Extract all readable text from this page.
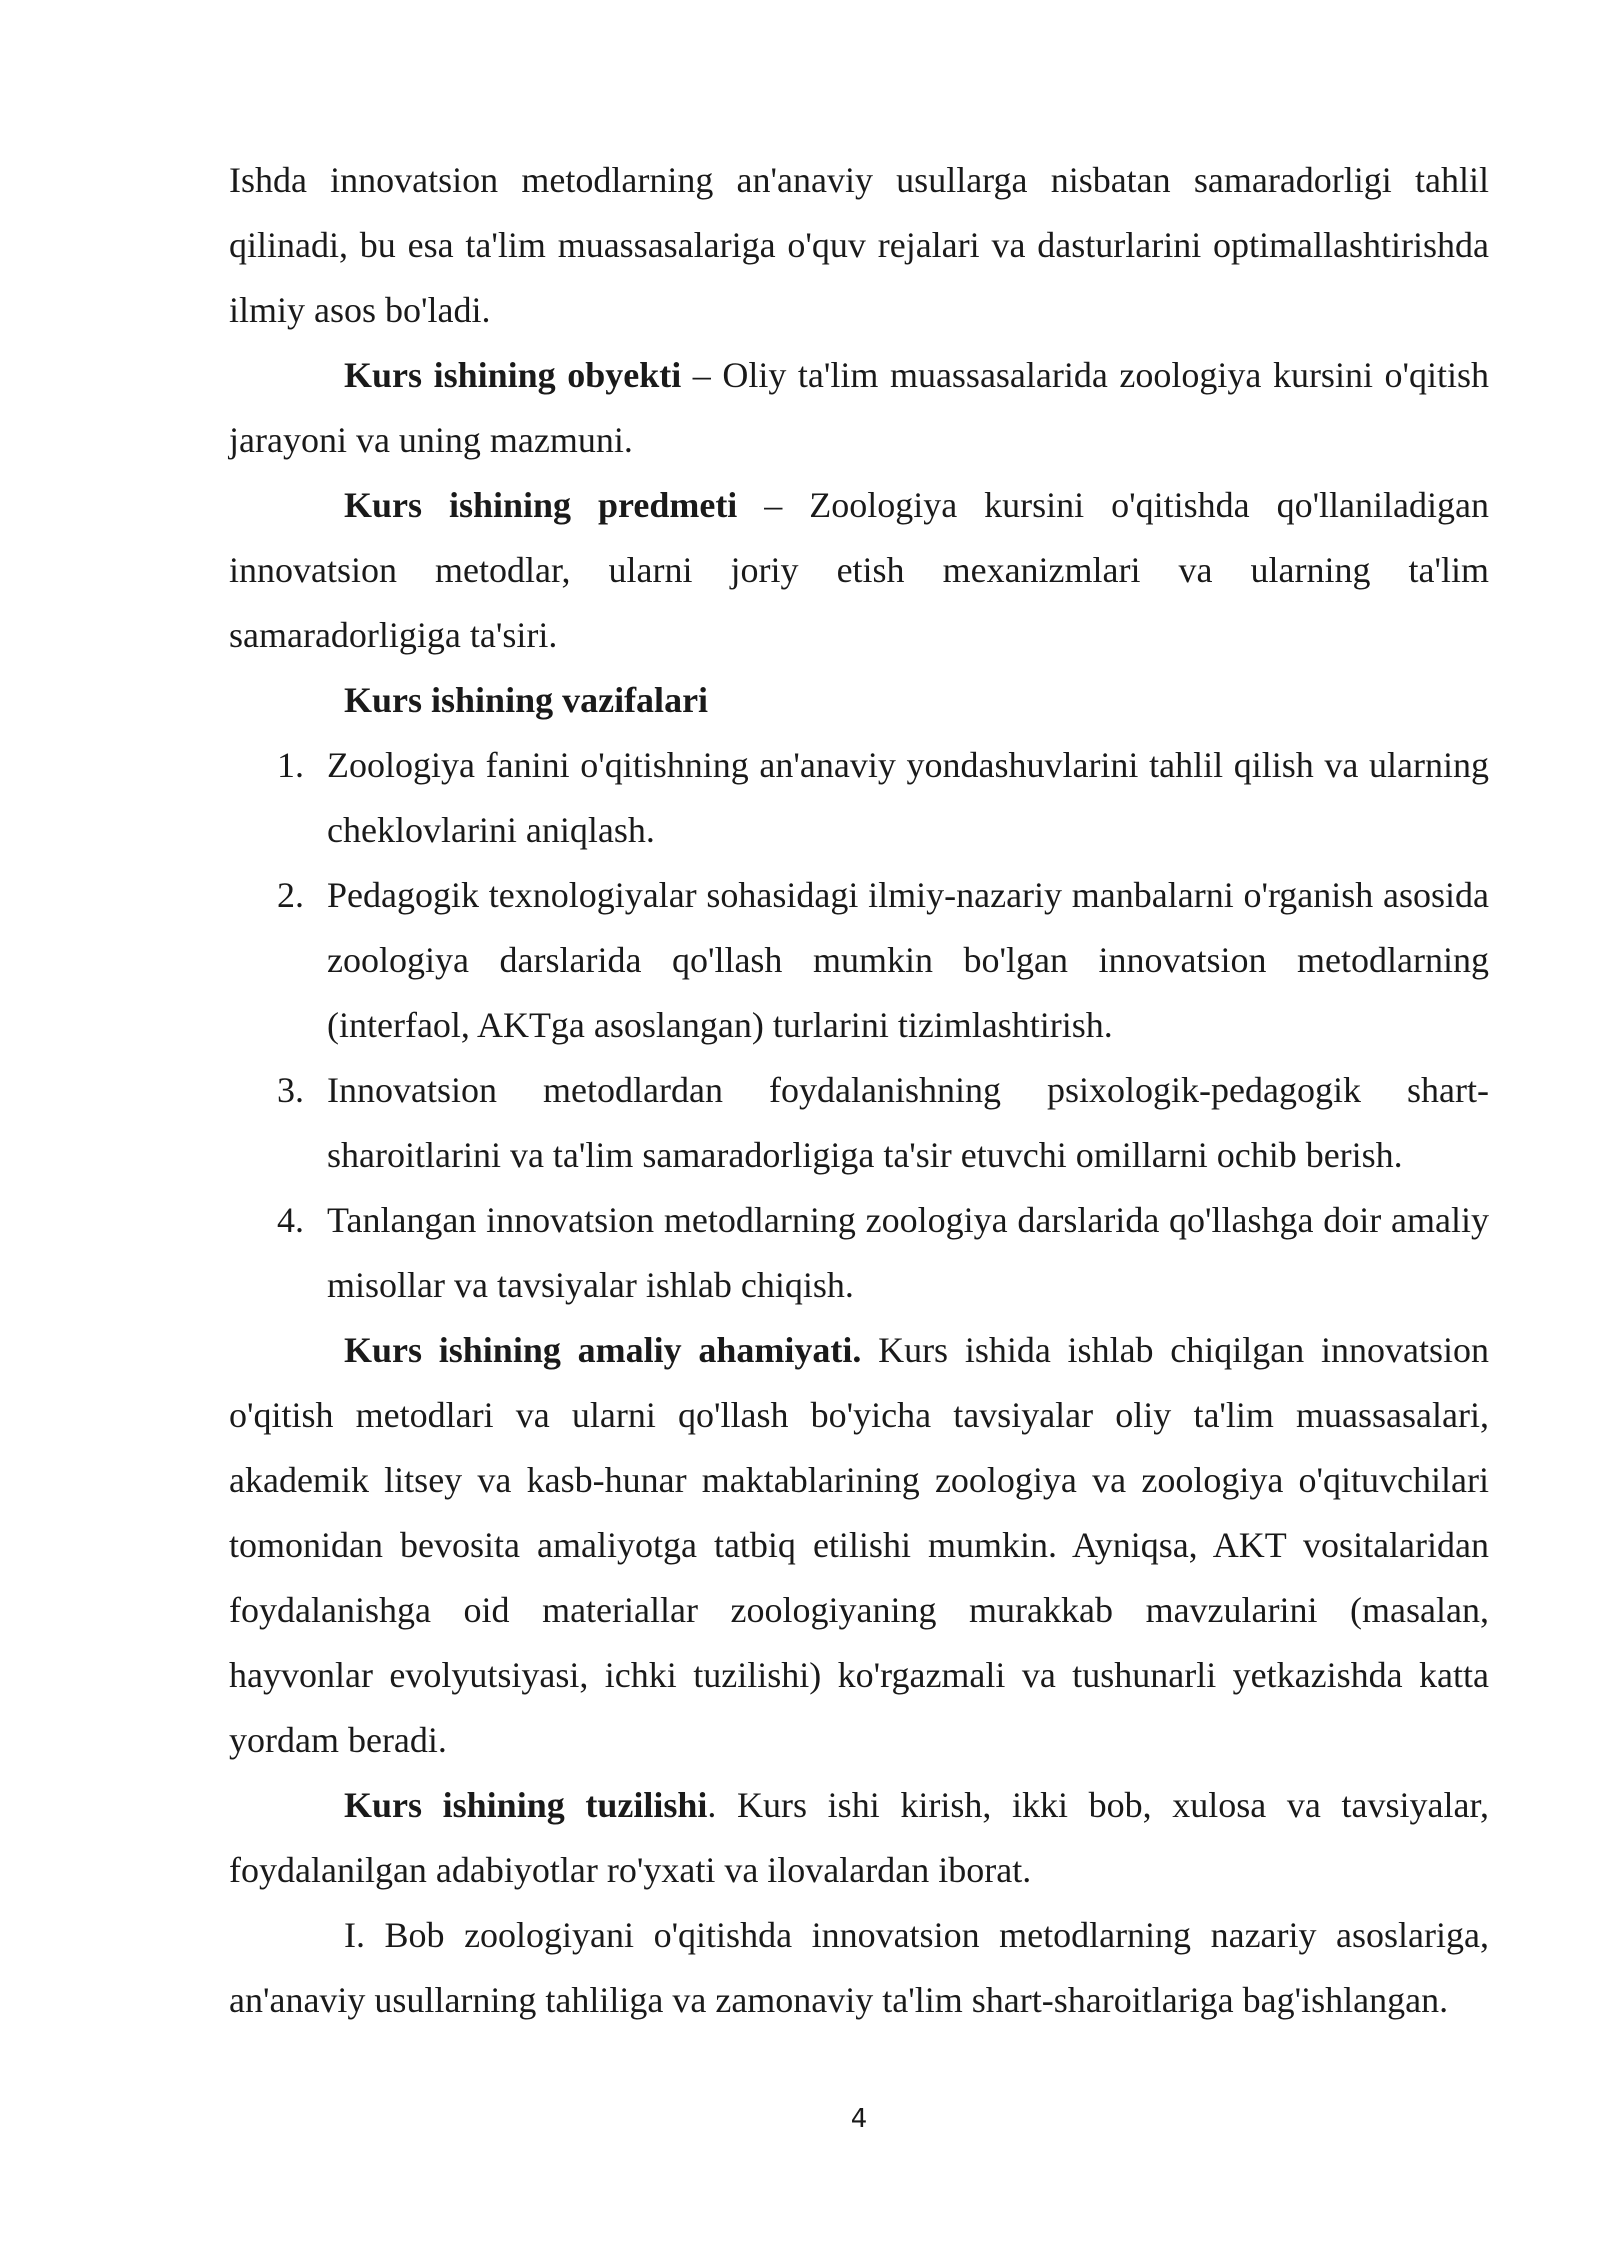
Ishda innovatsion metodlarning an'anaviy usullarga nisbatan samaradorligi tahlil qilinadi, bu esa ta'lim muassasalariga o'quv rejalari va dasturlarini optimallashtirishda ilmiy asos bo'ladi.

Kurs ishining obyekti – Oliy ta'lim muassasalarida zoologiya kursini o'qitish jarayoni va uning mazmuni.

Kurs ishining predmeti – Zoologiya kursini o'qitishda qo'llaniladigan innovatsion metodlar, ularni joriy etish mexanizmlari va ularning ta'lim samaradorligiga ta'siri.

Kurs ishining vazifalari

1. Zoologiya fanini o'qitishning an'anaviy yondashuvlarini tahlil qilish va ularning cheklovlarini aniqlash.
2. Pedagogik texnologiyalar sohasidagi ilmiy-nazariy manbalarni o'rganish asosida zoologiya darslarida qo'llash mumkin bo'lgan innovatsion metodlarning (interfaol, AKTga asoslangan) turlarini tizimlashtirish.
3. Innovatsion metodlardan foydalanishning psixologik-pedagogik shart-sharoitlarini va ta'lim samaradorligiga ta'sir etuvchi omillarni ochib berish.
4. Tanlangan innovatsion metodlarning zoologiya darslarida qo'llashga doir amaliy misollar va tavsiyalar ishlab chiqish.

Kurs ishining amaliy ahamiyati. Kurs ishida ishlab chiqilgan innovatsion o'qitish metodlari va ularni qo'llash bo'yicha tavsiyalar oliy ta'lim muassasalari, akademik litsey va kasb-hunar maktablarining zoologiya va zoologiya o'qituvchilari tomonidan bevosita amaliyotga tatbiq etilishi mumkin. Ayniqsa, AKT vositalaridan foydalanishga oid materiallar zoologiyaning murakkab mavzularini (masalan, hayvonlar evolyutsiyasi, ichki tuzilishi) ko'rgazmali va tushunarli yetkazishda katta yordam beradi.

Kurs ishining tuzilishi. Kurs ishi kirish, ikki bob, xulosa va tavsiyalar, foydalanilgan adabiyotlar ro'yxati va ilovalardan iborat.

I. Bob zoologiyani o'qitishda innovatsion metodlarning nazariy asoslariga, an'anaviy usullarning tahliliga va zamonaviy ta'lim shart-sharoitlariga bag'ishlangan.

4
